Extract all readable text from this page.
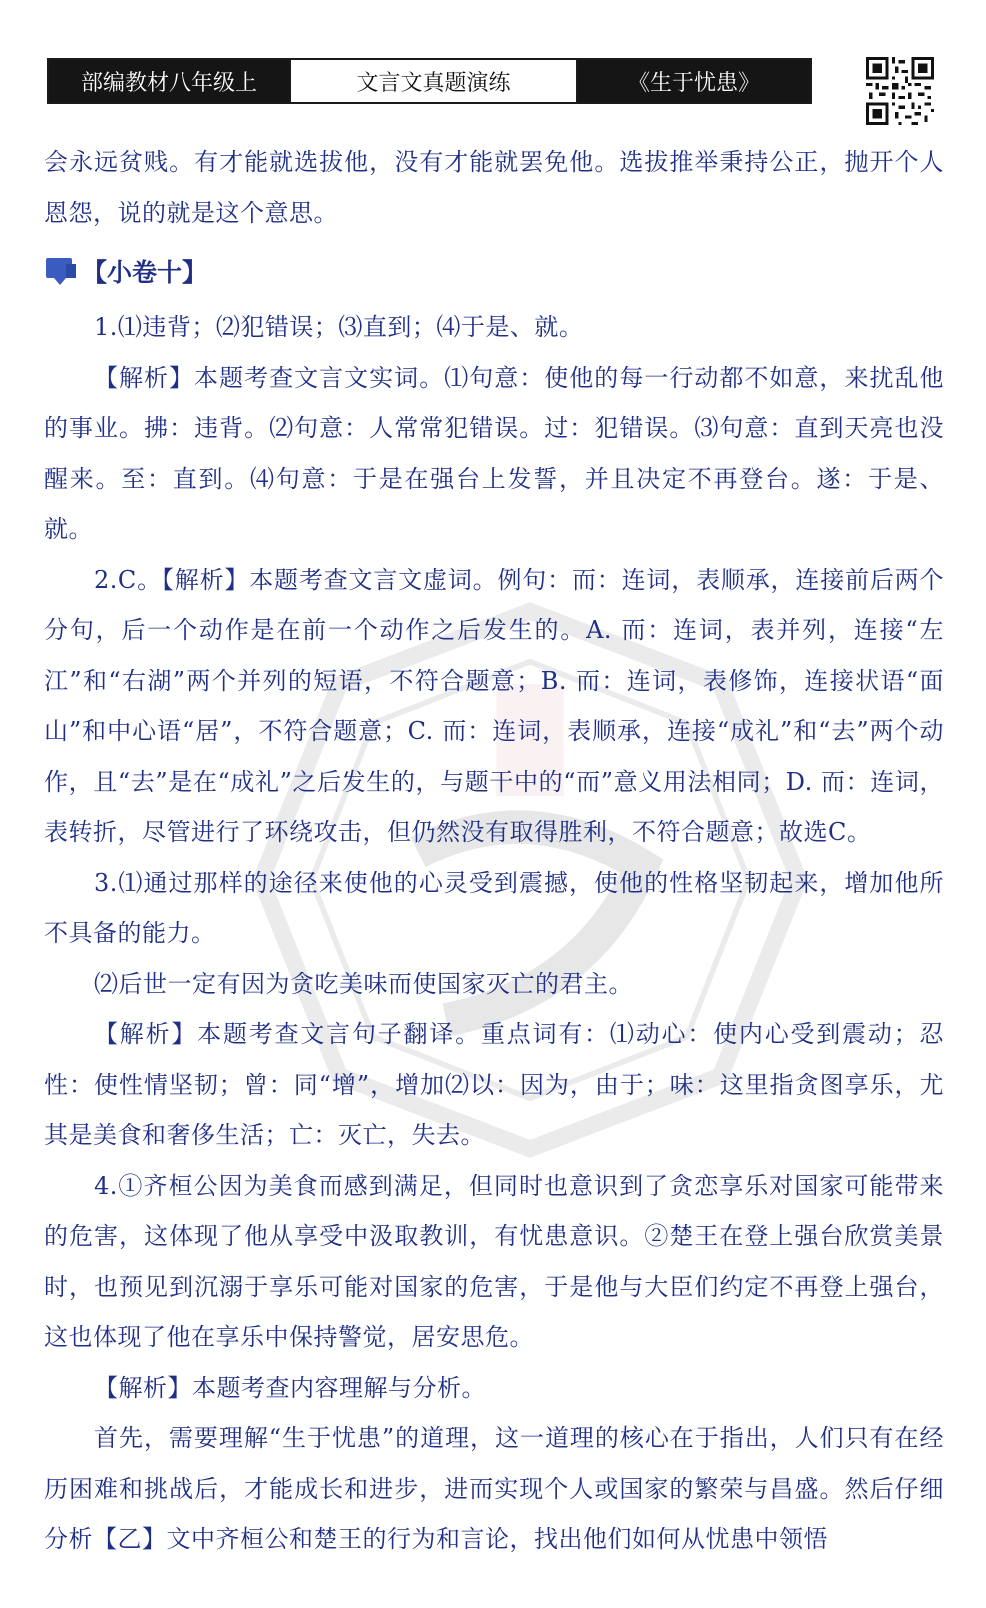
部编教材八年级上	文言文真题演练	《生于忧患》

会永远贫贱。有才能就选拔他，没有才能就罢免他。选拔推举秉持公正，抛开个人恩怨，说的就是这个意思。

【小卷十】

1.⑴违背；⑵犯错误；⑶直到；⑷于是、就。

【解析】本题考查文言文实词。⑴句意：使他的每一行动都不如意，来扰乱他的事业。拂：违背。⑵句意：人常常犯错误。过：犯错误。⑶句意：直到天亮也没醒来。至：直到。⑷句意：于是在强台上发誓，并且决定不再登台。遂：于是、就。

2.C。【解析】本题考查文言文虚词。例句：而：连词，表顺承，连接前后两个分句，后一个动作是在前一个动作之后发生的。A. 而：连词，表并列，连接“左江”和“右湖”两个并列的短语，不符合题意；B. 而：连词，表修饰，连接状语“面山”和中心语“居”，不符合题意；C. 而：连词，表顺承，连接“成礼”和“去”两个动作，且“去”是在“成礼”之后发生的，与题干中的“而”意义用法相同；D. 而：连词，表转折，尽管进行了环绕攻击，但仍然没有取得胜利，不符合题意；故选C。

3.⑴通过那样的途径来使他的心灵受到震撼，使他的性格坚韧起来，增加他所不具备的能力。

⑵后世一定有因为贪吃美味而使国家灭亡的君主。

【解析】本题考查文言句子翻译。重点词有：⑴动心：使内心受到震动；忍性：使性情坚韧；曾：同“增”，增加⑵以：因为，由于；味：这里指贪图享乐，尤其是美食和奢侈生活；亡：灭亡，失去。

4.①齐桓公因为美食而感到满足，但同时也意识到了贪恋享乐对国家可能带来的危害，这体现了他从享受中汲取教训，有忧患意识。②楚王在登上强台欣赏美景时，也预见到沉溺于享乐可能对国家的危害，于是他与大臣们约定不再登上强台，这也体现了他在享乐中保持警觉，居安思危。

【解析】本题考查内容理解与分析。

首先，需要理解“生于忧患”的道理，这一道理的核心在于指出，人们只有在经历困难和挑战后，才能成长和进步，进而实现个人或国家的繁荣与昌盛。然后仔细分析【乙】文中齐桓公和楚王的行为和言论，找出他们如何从忧患中领悟
